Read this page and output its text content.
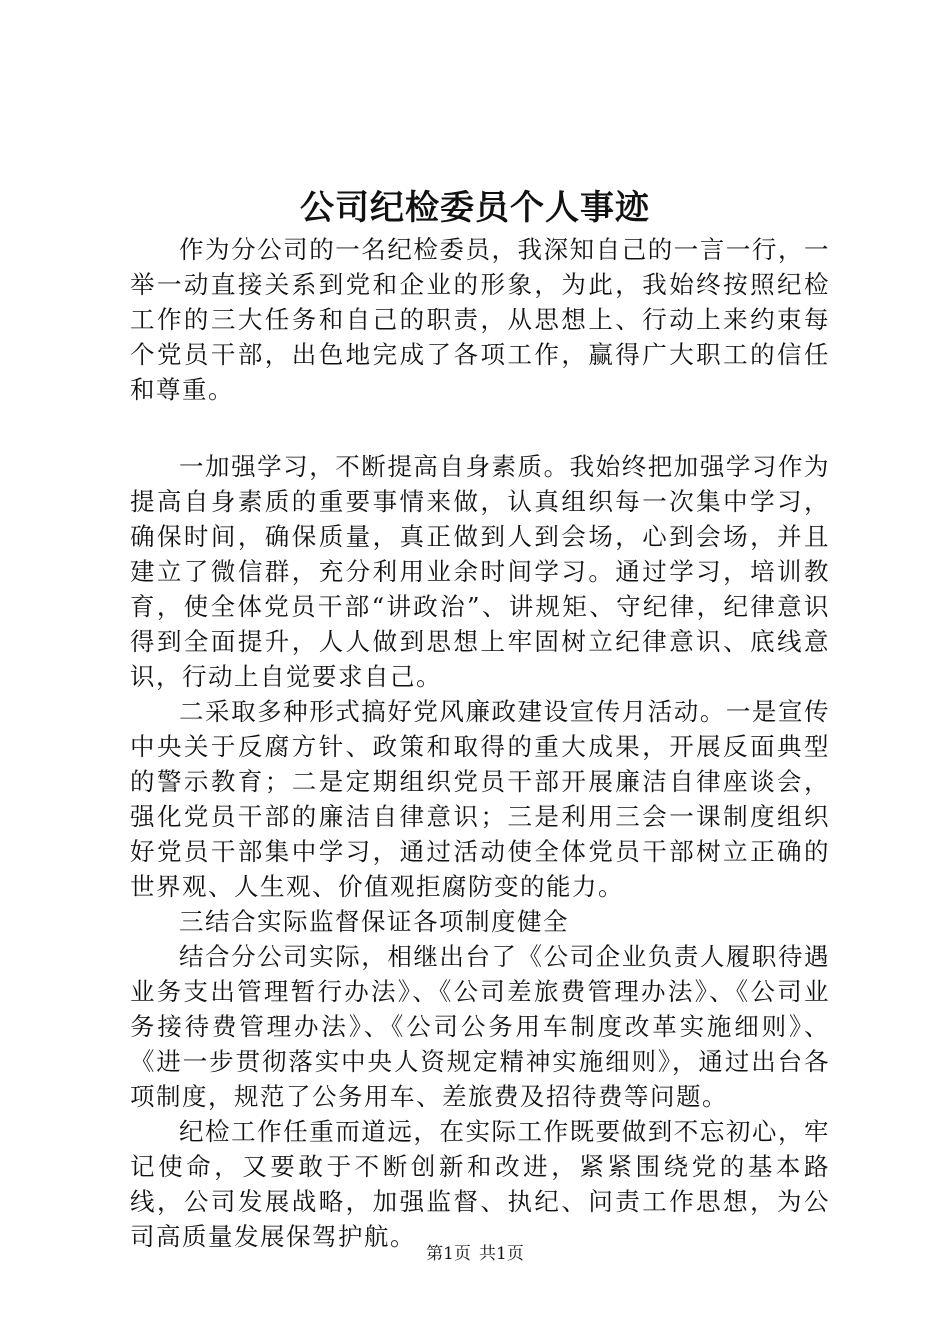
公司纪检委员个人事迹

作为分公司的一名纪检委员，我深知自己的一言一行，一举一动直接关系到党和企业的形象，为此，我始终按照纪检工作的三大任务和自己的职责，从思想上、行动上来约束每个党员干部，出色地完成了各项工作，赢得广大职工的信任和尊重。

一加强学习，不断提高自身素质。我始终把加强学习作为提高自身素质的重要事情来做，认真组织每一次集中学习，确保时间，确保质量，真正做到人到会场，心到会场，并且建立了微信群，充分利用业余时间学习。通过学习，培训教育，使全体党员干部“讲政治”、讲规矩、守纪律，纪律意识得到全面提升，人人做到思想上牢固树立纪律意识、底线意识，行动上自觉要求自己。

二采取多种形式搞好党风廉政建设宣传月活动。一是宣传中央关于反腐方针、政策和取得的重大成果，开展反面典型的警示教育；二是定期组织党员干部开展廉洁自律座谈会，强化党员干部的廉洁自律意识；三是利用三会一课制度组织好党员干部集中学习，通过活动使全体党员干部树立正确的世界观、人生观、价值观拒腐防变的能力。

三结合实际监督保证各项制度健全

结合分公司实际，相继出台了《公司企业负责人履职待遇业务支出管理暂行办法》、《公司差旅费管理办法》、《公司业务接待费管理办法》、《公司公务用车制度改革实施细则》、《进一步贯彻落实中央人资规定精神实施细则》，通过出台各项制度，规范了公务用车、差旅费及招待费等问题。

纪检工作任重而道远，在实际工作既要做到不忘初心，牢记使命，又要敢于不断创新和改进，紧紧围绕党的基本路线，公司发展战略，加强监督、执纪、问责工作思想，为公司高质量发展保驾护航。

第1页 共1页
